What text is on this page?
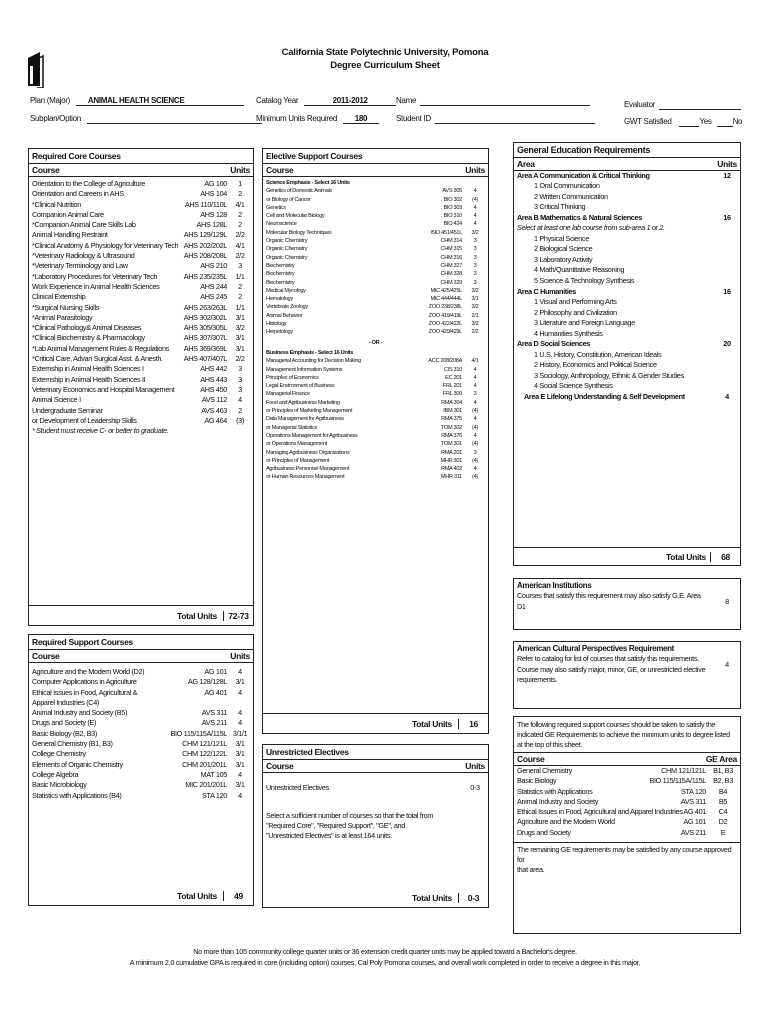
California State Polytechnic University, Pomona
Degree Curriculum Sheet
Plan (Major) ANIMAL HEALTH SCIENCE
Subplan/Option
Catalog Year	2011-2012
Minimum Units Required 180
Name
Student ID
Evaluator
GWT Satisfied	Yes	No
Required Core Courses
Course	Units
Orientation to the College of Agriculture	AG 100	1
Orientation and Careers in AHS	AHS 104	2
*Clinical Nutrition	AHS 110/110L	4/1
Companion Animal Care	AHS 128	2
*Companion Animal Care Skills Lab	AHS 128L	2
Animal Handling Restraint	AHS 129/129L	2/2
*Clinical Anatomy & Physiology for Veterinary Tech AHS 202/202L	4/1
*Veterinary Radiology & Ultrasound	AHS 208/208L	2/2
*Veterinary Terminology and Law	AHS 210	3
*Laboratory Procedures for Veterinary Tech	AHS 235/235L	1/1
Work Experience in Animal Health Sciences	AHS 244	2
Clinical Externship	AHS 245	2
*Surgical Nursing Skills	AHS 263/263L	1/1
*Animal Parasitology	AHS 302/302L	3/1
*Clinical Pathology& Animal Diseases	AHS 305/305L	3/2
*Clinical Biochemistry & Pharmacology	AHS 307/307L	3/1
*Lab Animal Management Rules & Regulations	AHS 369/369L	3/1
*Critical Care, Advan Surgical Asst. & Anesth.	AHS 407/407L	2/2
Externship in Animal Health Sciences I	AHS 442	3
Externship in Animal Health Sciences II	AHS 443	3
Veterinary Economics and Hospital Management	AHS 450	3
Animal Science I	AVS 112	4
Undergraduate Seminar	AVS 463	2
or Development of Leadership Skills	AG 464	(3)
* Student must receive C- or better to graduate.
Total Units	72-73
Required Support Courses
Course	Units
Agriculture and the Modern World (D2)	AG 101	4
Computer Applications in Agriculture	AG 128/128L	3/1
Ethical Issues in Food, Agricultural &	AG 401	4
Apparel Industries (C4)
Animal Industry and Society (B5)	AVS 311	4
Drugs and Society (E)	AVS 211	4
Basic Biology (B2, B3)	BIO 115/115A/115L 3/1/1
General Chemistry (B1, B3)	CHM 121/121L	3/1
College Chemistry	CHM 122/122L	3/1
Elements of Organic Chemistry	CHM 201/201L	3/1
College Algebra	MAT 105	4
Basic Microbiology	MIC 201/201L	3/1
Statistics with Applications (B4)	STA 120	4
Total Units	49
Elective Support Courses
Course	Units
Science Emphasis - Select 16 Units
Genetics of Domestic Animals	AVS 305	4
or Biology of Cancer	BIO 302	(4)
Genetics	BIO 303	4
Cell and Molecular Biology	BIO 310	4
Neuroscience	BIO 424	4
Molecular Biology Techniques	BIO 451/451L	3/2
Organic Chemistry	CHM 314	3
Organic Chemistry	CHM 315	3
Organic Chemistry	CHM 316	3
Biochemistry	CHM 327	3
Biochemistry	CHM 328	3
Biochemistry	CHM 329	3
Medical Mycology	MIC 425/425L	3/2
Hematology	MIC 444/444L	3/1
Vertebrate Zoology	ZOO 238/238L	3/2
Animal Behavior	ZOO 419/419L	2/1
Histology	ZOO 422/422L	3/2
Herpetology	ZOO 429/429L	2/2
- OR -
Business Emphasis - Select 16 Units
Managerial Accounting for Decision Making	ACC 208/208A	4/1
Management Information Systems	CIS 310	4
Principles of Economics	EC 201	4
Legal Environment of Business	FRL 201	4
Managerial Finance	FRL 300	3
Food and Agribusiness Marketing	RMA 304	4
or Principles of Marketing Management	IBM 301	(4)
Data Management for Agribusiness	RMA 375	4
or Managerial Statistics	TOM 302	(4)
Operations Management for Agribusiness	RMA 376	4
or Operations Management	TOM 301	(4)
Managing Agribusiness Organizations	RMA 201	3
or Principles of Management	MHR 301	(4)
Agribusiness Personnel Management	RMA 402	4
or Human Resources Management	MHR 311	(4)
Total Units	16
Unrestricted Electives
Course	Units
Unrestricted Electives	0-3
Select a sufficient number of courses so that the total from
"Required Core", "Required Support", "GE", and
"Unrestricted Electives" is at least 164 units.
Total Units	0-3
General Education Requirements
Area	Units
Area A Communication & Critical Thinking	12
1 Oral Communication
2 Written Communication
3 Critical Thinking
Area B Mathematics & Natural Sciences	16
Select at least one lab course from sub-area 1 or 2.
1 Physical Science
2 Biological Science
3 Laboratory Activity
4 Math/Quantitative Reasoning
5 Science & Technology Synthesis
Area C Humanities	16
1 Visual and Performing Arts
2 Philosophy and Civilization
3 Literature and Foreign Language
4 Humanities Synthesis
Area D Social Sciences	20
1 U.S. History, Constitution, American Ideals
2 History, Economics and Political Science
3 Sociology, Anthropology, Ethnic & Gender Studies
4 Social Science Synthesis
Area E Lifelong Understanding & Self Development	4
Total Units	68
American Institutions
Courses that satisfy this requirement may also satisfy G.E. Area
D1
8
American Cultural Perspectives Requirement
Refer to catalog for list of courses that satisfy this requirements.
Course may also satisfy major, minor, GE, or unrestricted elective
requirements.
4
The following required support courses should be taken to satisfy the
indicated GE Requirements to achieve the minimum units to degree listed
at the top of this sheet.
Course	GE Area
General Chemistry	CHM 121/121L B1, B3
Basic Biology	BIO 115/115A/115L B2, B3
Statistics with Applications	STA 120	B4
Animal Industry and Society	AVS 311	B5
Ethical Issues in Food, Agricultural and Apparel Industries AG 401	C4
Agriculture and the Modern World	AG 101	D2
Drugs and Society	AVS 211	E
The remaining GE requirements may be satisfied by any course approved for
that area.
No more than 105 community college quarter units or 36 extension credit quarter units may be applied toward a Bachelor's degree.
A minimum 2.0 cumulative GPA is required in core (including option) courses, Cal Poly Pomona courses, and overall work completed in order to receive a degree in this major.
